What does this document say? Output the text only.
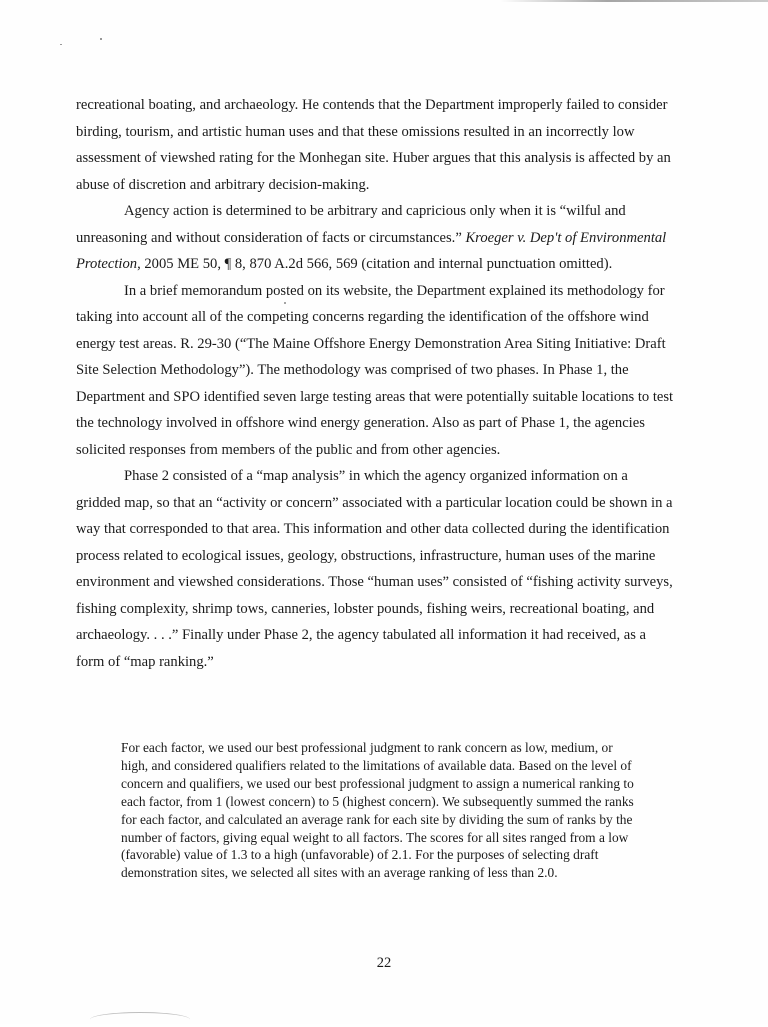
recreational boating, and archaeology. He contends that the Department improperly failed to consider birding, tourism, and artistic human uses and that these omissions resulted in an incorrectly low assessment of viewshed rating for the Monhegan site. Huber argues that this analysis is affected by an abuse of discretion and arbitrary decision-making.

Agency action is determined to be arbitrary and capricious only when it is “wilful and unreasoning and without consideration of facts or circumstances.” Kroeger v. Dep't of Environmental Protection, 2005 ME 50, ¶ 8, 870 A.2d 566, 569 (citation and internal punctuation omitted).

In a brief memorandum posted on its website, the Department explained its methodology for taking into account all of the competing concerns regarding the identification of the offshore wind energy test areas. R. 29-30 (“The Maine Offshore Energy Demonstration Area Siting Initiative: Draft Site Selection Methodology”). The methodology was comprised of two phases. In Phase 1, the Department and SPO identified seven large testing areas that were potentially suitable locations to test the technology involved in offshore wind energy generation. Also as part of Phase 1, the agencies solicited responses from members of the public and from other agencies.

Phase 2 consisted of a “map analysis” in which the agency organized information on a gridded map, so that an “activity or concern” associated with a particular location could be shown in a way that corresponded to that area. This information and other data collected during the identification process related to ecological issues, geology, obstructions, infrastructure, human uses of the marine environment and viewshed considerations. Those “human uses” consisted of “fishing activity surveys, fishing complexity, shrimp tows, canneries, lobster pounds, fishing weirs, recreational boating, and archaeology. . . .” Finally under Phase 2, the agency tabulated all information it had received, as a form of “map ranking.”

For each factor, we used our best professional judgment to rank concern as low, medium, or high, and considered qualifiers related to the limitations of available data. Based on the level of concern and qualifiers, we used our best professional judgment to assign a numerical ranking to each factor, from 1 (lowest concern) to 5 (highest concern). We subsequently summed the ranks for each factor, and calculated an average rank for each site by dividing the sum of ranks by the number of factors, giving equal weight to all factors. The scores for all sites ranged from a low (favorable) value of 1.3 to a high (unfavorable) of 2.1. For the purposes of selecting draft demonstration sites, we selected all sites with an average ranking of less than 2.0.

22
